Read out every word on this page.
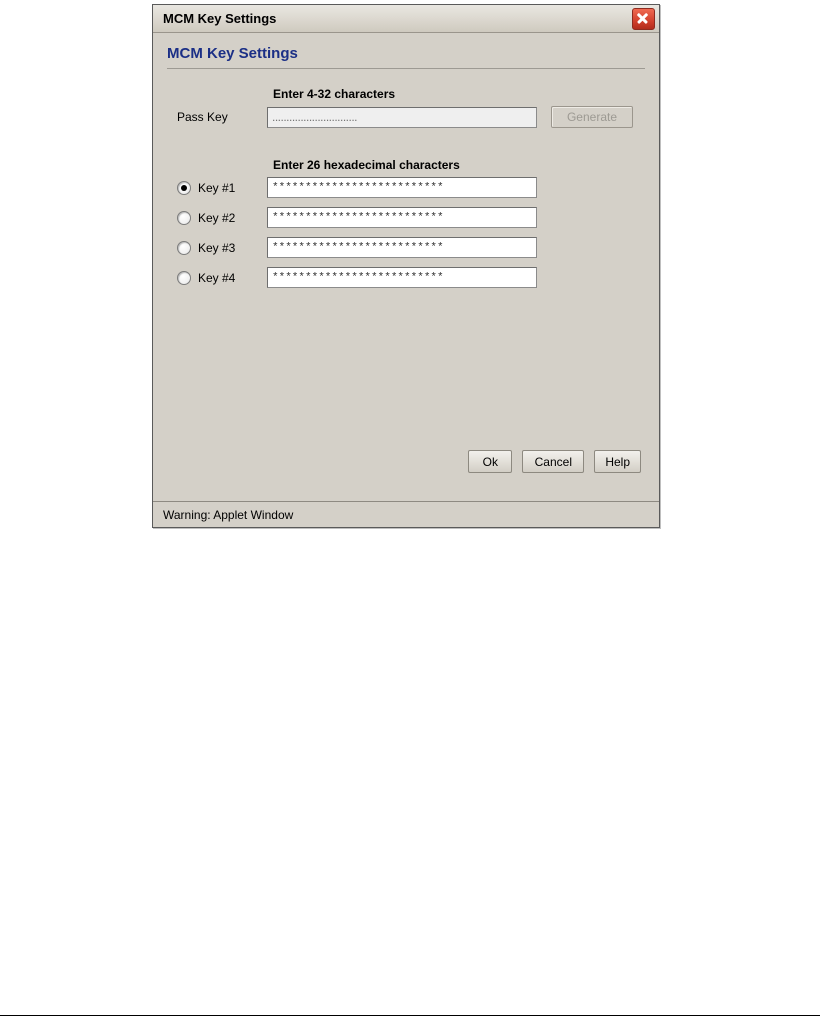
MCM Key Settings
MCM Key Settings
Enter 4-32 characters
Pass Key
..............................	Generate
Enter 26 hexadecimal characters
Key #1
**************************
Key #2
**************************
Key #3
**************************
Key #4
**************************
Ok	Cancel	Help
Warning: Applet Window
